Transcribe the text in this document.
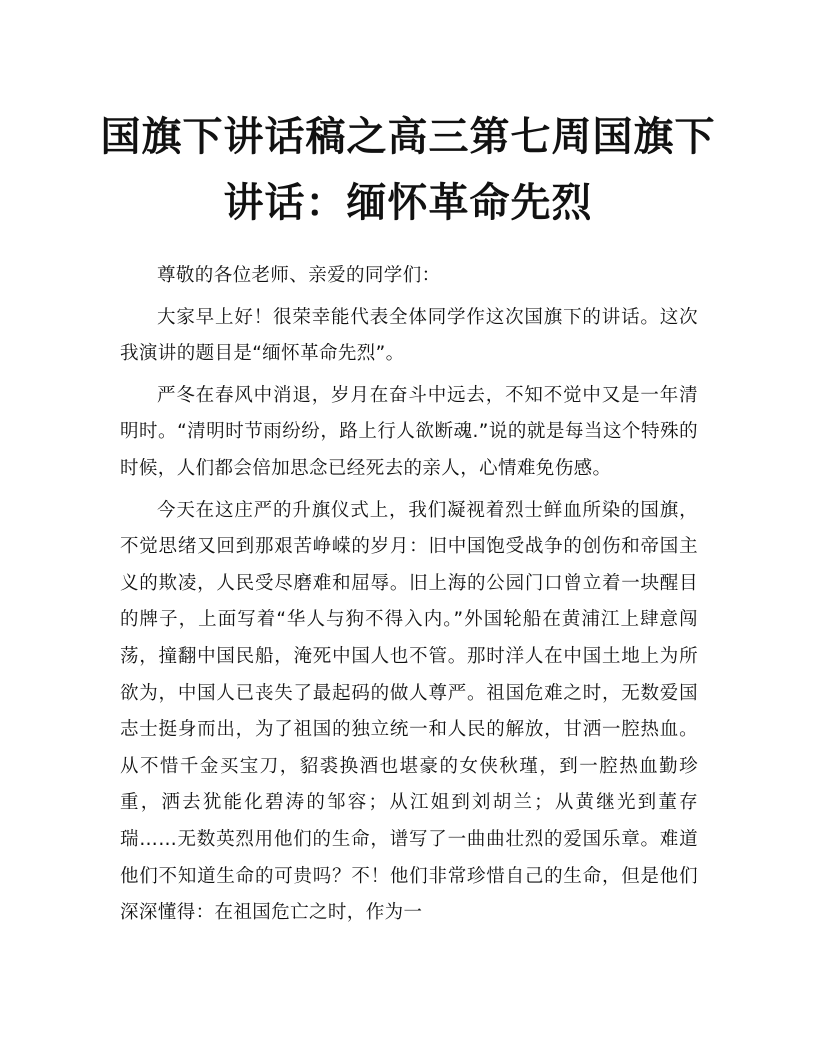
国旗下讲话稿之高三第七周国旗下讲话：缅怀革命先烈

尊敬的各位老师、亲爱的同学们：

大家早上好！很荣幸能代表全体同学作这次国旗下的讲话。这次我演讲的题目是“缅怀革命先烈”。

严冬在春风中消退，岁月在奋斗中远去，不知不觉中又是一年清明时。“清明时节雨纷纷，路上行人欲断魂.”说的就是每当这个特殊的时候，人们都会倍加思念已经死去的亲人，心情难免伤感。

今天在这庄严的升旗仪式上，我们凝视着烈士鲜血所染的国旗，不觉思绪又回到那艰苦峥嵘的岁月：旧中国饱受战争的创伤和帝国主义的欺凌，人民受尽磨难和屈辱。旧上海的公园门口曾立着一块醒目的牌子，上面写着“华人与狗不得入内。”外国轮船在黄浦江上肆意闯荡，撞翻中国民船，淹死中国人也不管。那时洋人在中国土地上为所欲为，中国人已丧失了最起码的做人尊严。祖国危难之时，无数爱国志士挺身而出，为了祖国的独立统一和人民的解放，甘洒一腔热血。从不惜千金买宝刀，貂裘换酒也堪豪的女侠秋瑾，到一腔热血勤珍重，洒去犹能化碧涛的邹容；从江姐到刘胡兰；从黄继光到董存瑞……无数英烈用他们的生命，谱写了一曲曲壮烈的爱国乐章。难道他们不知道生命的可贵吗？不！他们非常珍惜自己的生命，但是他们深深懂得：在祖国危亡之时，作为一
